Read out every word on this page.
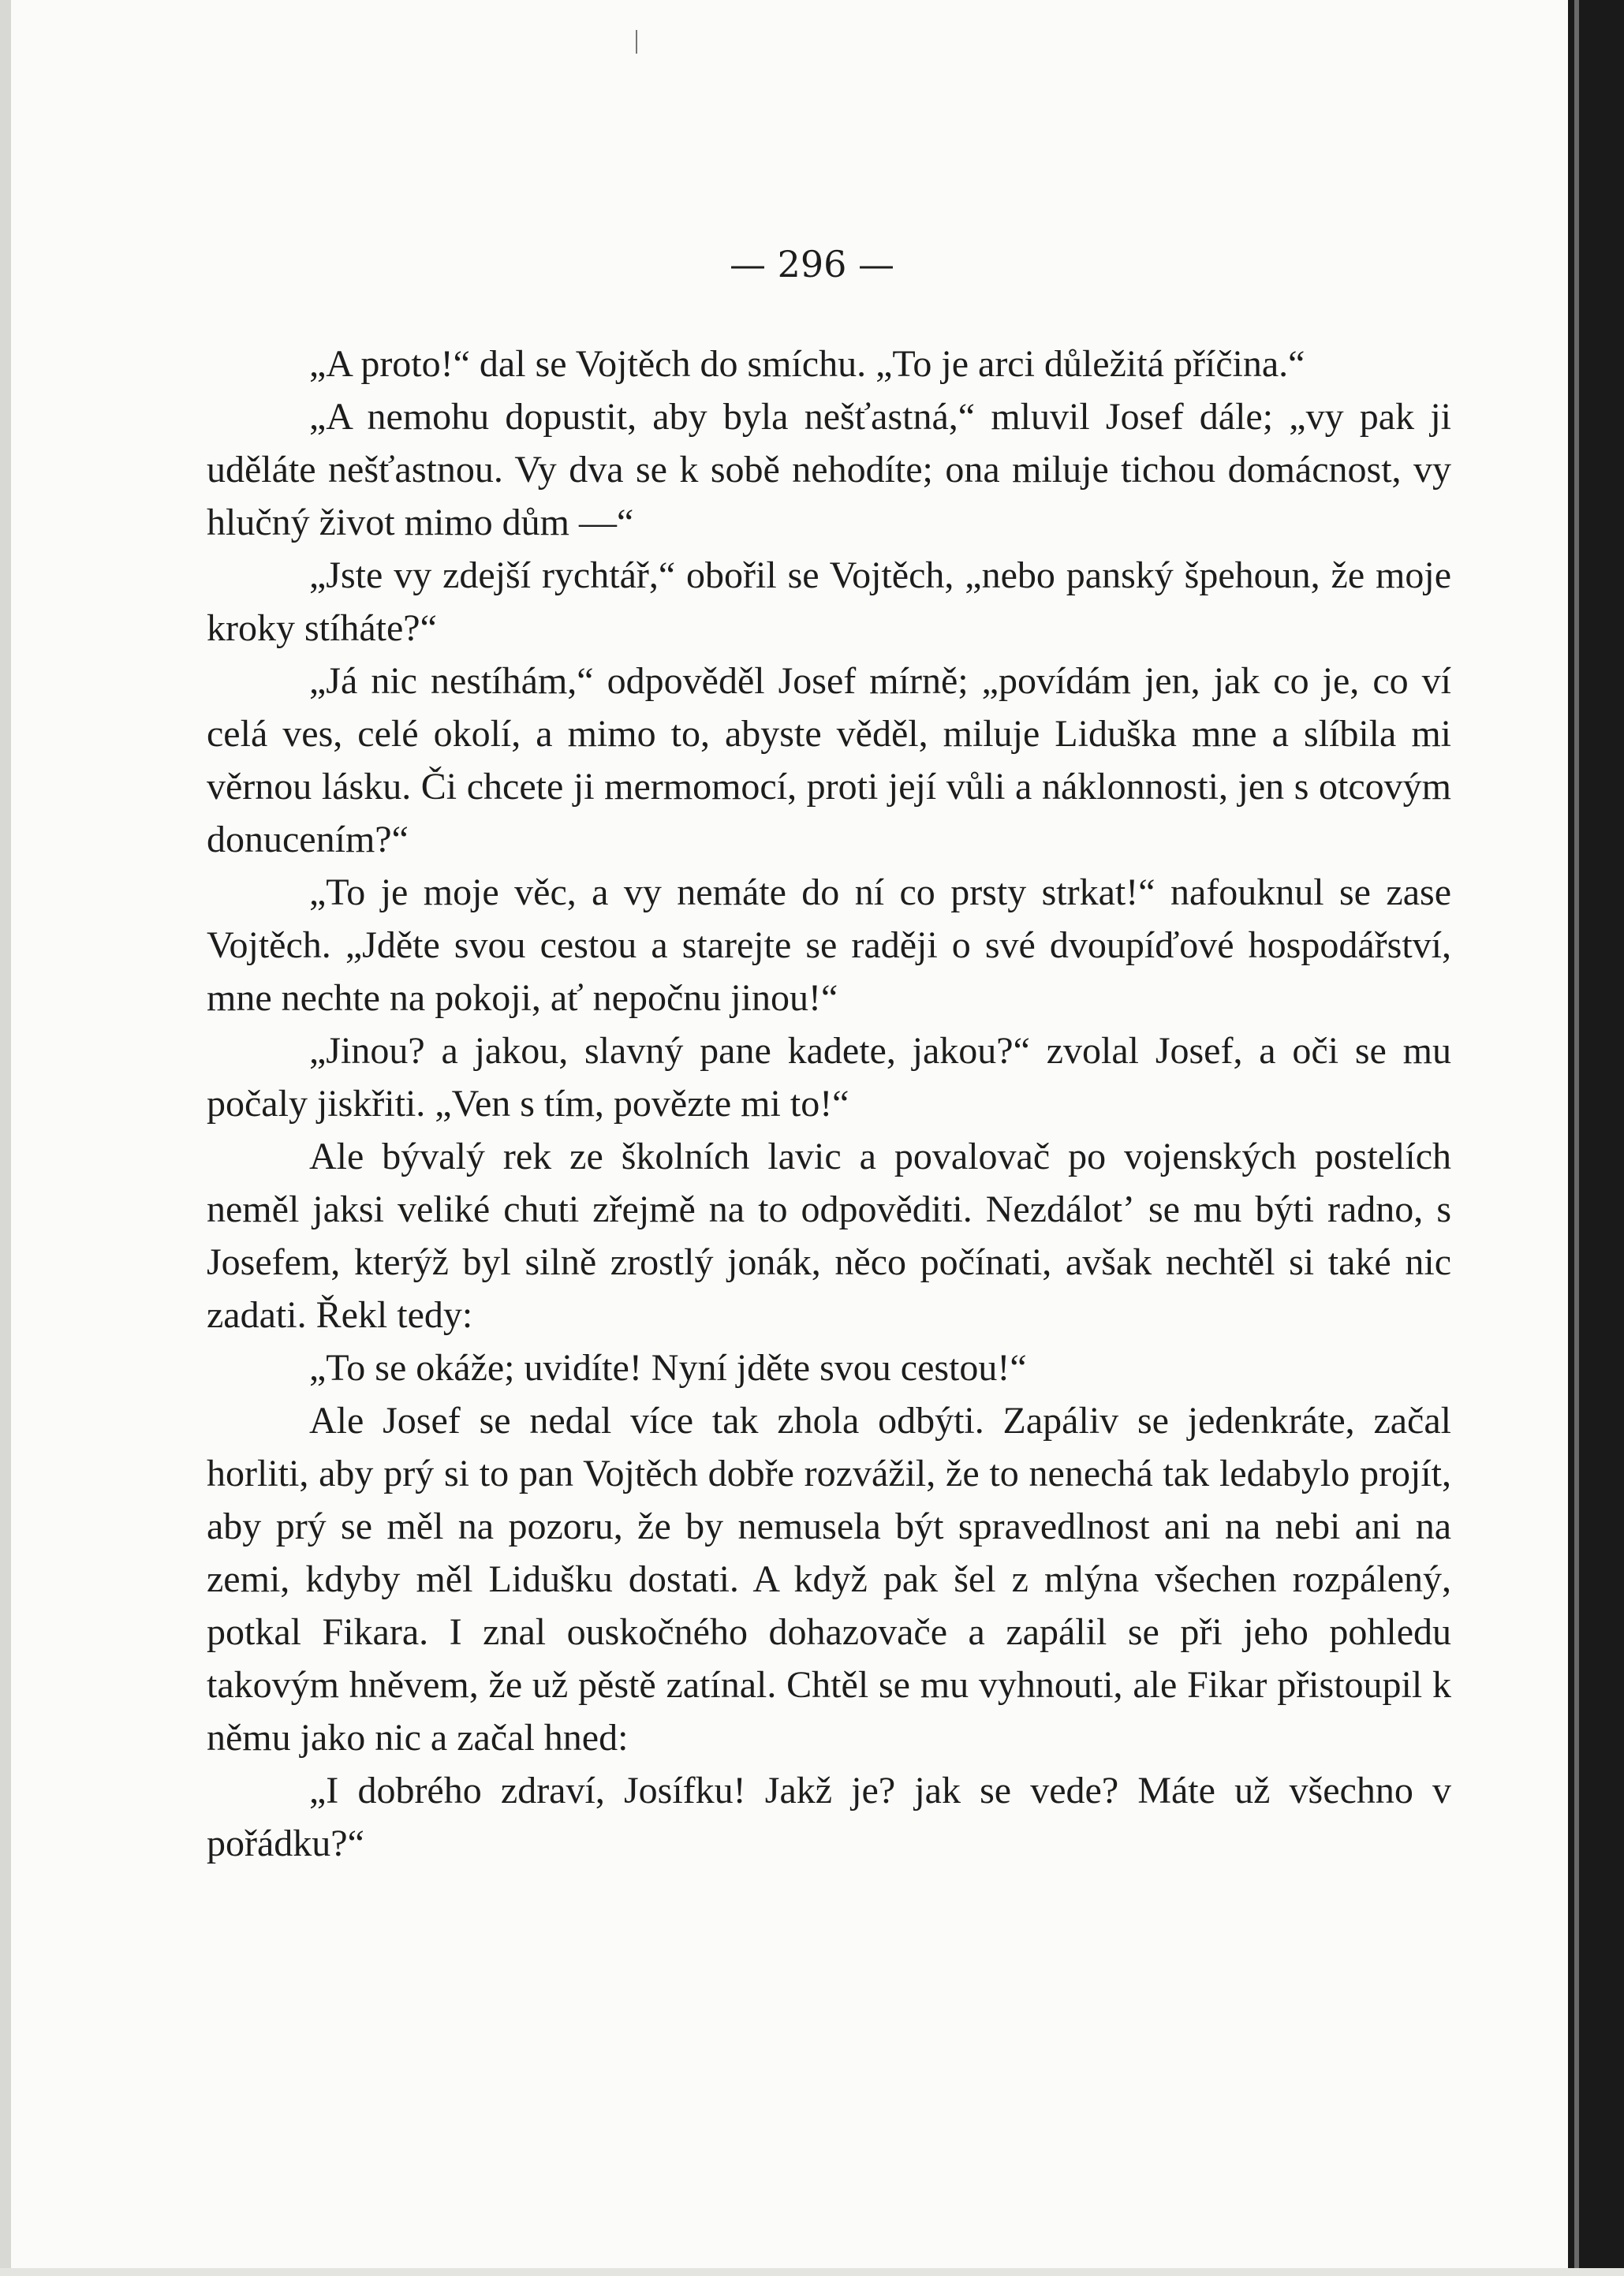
— 296 —

„A proto!“ dal se Vojtěch do smíchu. „To je arci důležitá příčina.“

„A nemohu dopustit, aby byla nešťastná,“ mluvil Josef dále; „vy pak ji uděláte nešťastnou. Vy dva se k sobě nehodíte; ona miluje tichou domácnost, vy hlučný život mimo dům —“

„Jste vy zdejší rychtář,“ obořil se Vojtěch, „nebo panský špehoun, že moje kroky stíháte?“

„Já nic nestíhám,“ odpověděl Josef mírně; „povídám jen, jak co je, co ví celá ves, celé okolí, a mimo to, abyste věděl, miluje Liduška mne a slíbila mi věrnou lásku. Či chcete ji mermomocí, proti její vůli a náklonnosti, jen s otcovým donucením?“

„To je moje věc, a vy nemáte do ní co prsty strkat!“ nafouknul se zase Vojtěch. „Jděte svou cestou a starejte se raději o své dvoupíďové hospodářství, mne nechte na pokoji, ať nepočnu jinou!“

„Jinou? a jakou, slavný pane kadete, jakou?“ zvolal Josef, a oči se mu počaly jiskřiti. „Ven s tím, povězte mi to!“

Ale bývalý rek ze školních lavic a povalovač po vojenských postelích neměl jaksi veliké chuti zřejmě na to odpověditi. Nezdálotʼ se mu býti radno, s Josefem, kterýž byl silně zrostlý jonák, něco počínati, avšak nechtěl si také nic zadati. Řekl tedy:

„To se okáže; uvidíte! Nyní jděte svou cestou!“

Ale Josef se nedal více tak zhola odbýti. Zapáliv se jedenkráte, začal horliti, aby prý si to pan Vojtěch dobře rozvážil, že to nenechá tak ledabylo projít, aby prý se měl na pozoru, že by nemusela být spravedlnost ani na nebi ani na zemi, kdyby měl Lidušku dostati. A když pak šel z mlýna všechen rozpálený, potkal Fikara. I znal ouskočného dohazovače a zapálil se při jeho pohledu takovým hněvem, že už pěstě zatínal. Chtěl se mu vyhnouti, ale Fikar přistoupil k němu jako nic a začal hned:

„I dobrého zdraví, Josífku! Jakž je? jak se vede? Máte už všechno v pořádku?“
